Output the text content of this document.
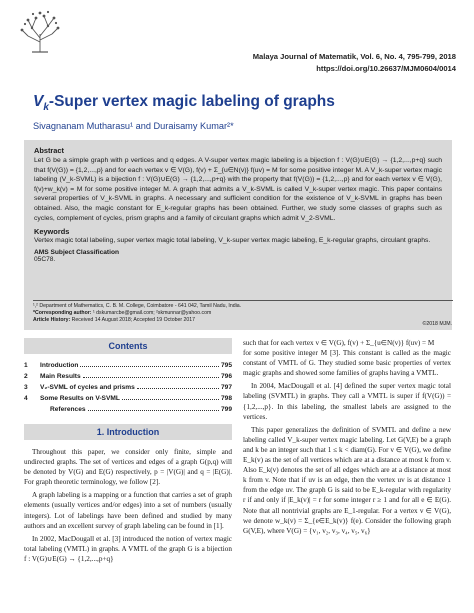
Malaya Journal of Matematik, Vol. 6, No. 4, 795-799, 2018
https://doi.org/10.26637/MJM0604/0014
$V_k$-Super vertex magic labeling of graphs
Sivagnanam Mutharasu¹ and Duraisamy Kumar²*
Abstract
Let G be a simple graph with p vertices and q edges. A V-super vertex magic labeling is a bijection f : V(G)∪E(G) → {1,2,...,p+q} such that f(V(G)) = {1,2,...,p} and for each vertex v ∈ V(G), f(v) + Σ_{u∈N(v)} f(uv) = M for some positive integer M. A V_k-super vertex magic labeling (V_k-SVML) is a bijection f : V(G)∪E(G) → {1,2,...,p+q} with the property that f(V(G)) = {1,2,...,p} and for each vertex v ∈ V(G), f(v)+w_k(v) = M for some positive integer M. A graph that admits a V_k-SVML is called V_k-super vertex magic. This paper contains several properties of V_k-SVML in graphs. A necessary and sufficient condition for the existence of V_k-SVML in graphs has been obtained. Also, the magic constant for E_k-regular graphs has been obtained. Further, we study some classes of graphs such as cycles, complement of cycles, prism graphs and a family of circulant graphs which admit V_2-SVML.
Keywords
Vertex magic total labeling, super vertex magic total labeling, V_k-super vertex magic labeling, E_k-regular graphs, circulant graphs.
AMS Subject Classification
05C78.
Contents
1	Introduction	795
2	Main Results	796
3	V₂-SVML of cycles and prisms	797
4	Some Results on V-SVML	798
References	799
1. Introduction

Throughout this paper, we consider only finite, simple and undirected graphs. The set of vertices and edges of a graph G(p,q) will be denoted by V(G) and E(G) respectively, p = |V(G)| and q = |E(G)|. For graph theoretic terminology, we follow [2].

A graph labeling is a mapping or a function that carries a set of graph elements (usually vertices and/or edges) into a set of numbers (usually integers). Lot of labelings have been defined and studied by many authors and an excellent survey of graph labeling can be found in [1].

In 2002, MacDougall et al. [3] introduced the notion of vertex magic total labeling (VMTL) in graphs. A VMTL of the graph G is a bijection f : V(G)∪E(G) → {1,2,...,p+q}

such that for each vertex v ∈ V(G), f(v) + Σ_{u∈N(v)} f(uv) = M

for some positive integer M [3]. This constant is called as the magic constant of VMTL of G. They studied some basic properties of vertex magic graphs and showed some families of graphs having a VMTL.

In 2004, MacDougall et al. [4] defined the super vertex magic total labeling (SVMTL) in graphs. They call a VMTL is super if f(V(G)) = {1,2,...,p}. In this labeling, the smallest labels are assigned to the vertices.

This paper generalizes the definition of SVMTL and define a new labeling called V_k-super vertex magic labeling. Let G(V,E) be a graph and k be an integer such that 1 ≤ k < diam(G). For v ∈ V(G), we define E_k(v) as the set of all vertices which are at a distance at most k from v. Also E_k(v) denotes the set of all edges which are at a distance at most k from v. Note that if uv is an edge, then the vertex uv is at distance 1 from the edge uv. The graph G is said to be E_k-regular with regularity r if and only if |E_k(v)| = r for some integer r ≥ 1 and for all e ∈ E(G). Note that all nontrivial graphs are E_1-regular. For a vertex v ∈ V(G), we denote w_k(v) = Σ_{e∈E_k(v)} f(e). Consider the following graph G(V,E), where V(G) = {v₁, v₂, v₃, v₄, v₅, v₆}

¹,² Department of Mathematics, C. B. M. College, Coimbatore - 641 042, Tamil Nadu, India.
*Corresponding author: ¹ dskumarcbe@gmail.com; ²skmunnar@yahoo.com
Article History: Received 14 August 2018; Accepted 19 October 2017
©2018 MJM.
